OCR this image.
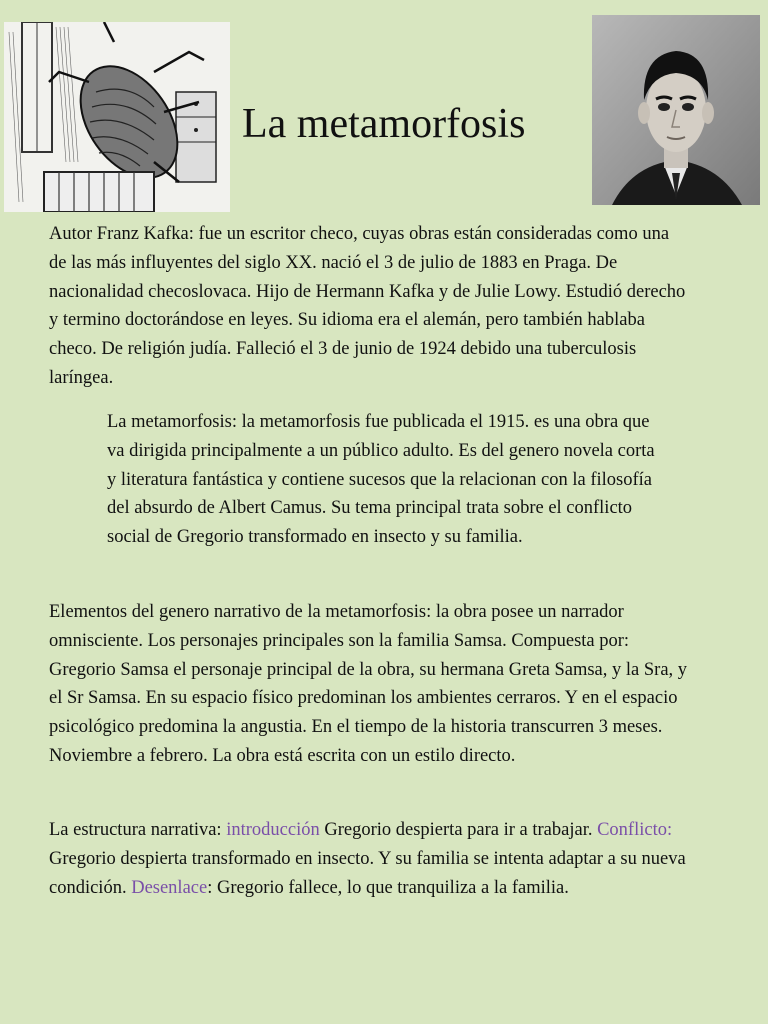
La metamorfosis

Autor Franz Kafka: fue un escritor checo, cuyas obras están consideradas como una de las más influyentes del siglo XX. nació el 3 de julio de 1883 en Praga. De nacionalidad checoslovaca. Hijo de Hermann Kafka y de Julie Lowy. Estudió derecho y termino doctorándose en leyes. Su idioma era el alemán, pero también hablaba checo. De religión judía. Falleció el 3 de junio de 1924 debido una tuberculosis laríngea.

La metamorfosis: la metamorfosis fue publicada el 1915. es una obra que va dirigida principalmente a un público adulto. Es del genero novela corta y literatura fantástica y contiene sucesos que la relacionan con la filosofía del absurdo de Albert Camus. Su tema principal trata sobre el conflicto social de Gregorio transformado en insecto y su familia.

Elementos del genero narrativo de la metamorfosis: la obra posee un narrador omnisciente. Los personajes principales son la familia Samsa. Compuesta por: Gregorio Samsa el personaje principal de la obra, su hermana Greta Samsa, y la Sra, y el Sr Samsa. En su espacio físico predominan los ambientes cerraros. Y en el espacio psicológico predomina la angustia. En el tiempo de la historia transcurren 3 meses. Noviembre a febrero. La obra está escrita con un estilo directo.

La estructura narrativa: introducción Gregorio despierta para ir a trabajar. Conflicto: Gregorio despierta transformado en insecto. Y su familia se intenta adaptar a su nueva condición. Desenlace: Gregorio fallece, lo que tranquiliza a la familia.
